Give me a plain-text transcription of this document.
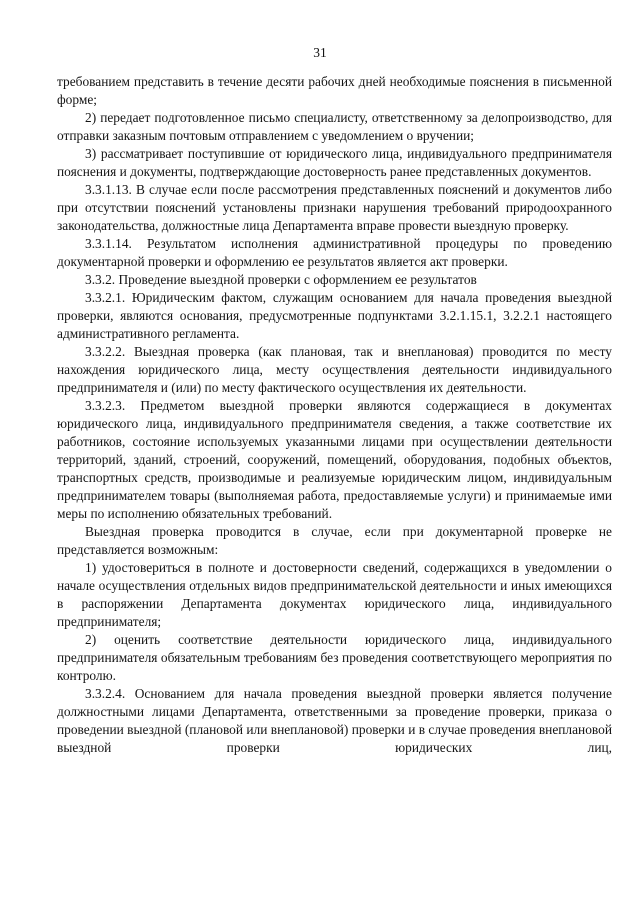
31

требованием представить в течение десяти рабочих дней необходимые пояснения в письменной форме;

2) передает подготовленное письмо специалисту, ответственному за делопроизводство, для отправки заказным почтовым отправлением с уведомлением о вручении;

3) рассматривает поступившие от юридического лица, индивидуального предпринимателя пояснения и документы, подтверждающие достоверность ранее представленных документов.

3.3.1.13. В случае если после рассмотрения представленных пояснений и документов либо при отсутствии пояснений установлены признаки нарушения требований природоохранного законодательства, должностные лица Департамента вправе провести выездную проверку.

3.3.1.14. Результатом исполнения административной процедуры по проведению документарной проверки и оформлению ее результатов является акт проверки.

3.3.2. Проведение выездной проверки с оформлением ее результатов

3.3.2.1. Юридическим фактом, служащим основанием для начала проведения выездной проверки, являются основания, предусмотренные подпунктами 3.2.1.15.1, 3.2.2.1 настоящего административного регламента.

3.3.2.2. Выездная проверка (как плановая, так и внеплановая) проводится по месту нахождения юридического лица, месту осуществления деятельности индивидуального предпринимателя и (или) по месту фактического осуществления их деятельности.

3.3.2.3. Предметом выездной проверки являются содержащиеся в документах юридического лица, индивидуального предпринимателя сведения, а также соответствие их работников, состояние используемых указанными лицами при осуществлении деятельности территорий, зданий, строений, сооружений, помещений, оборудования, подобных объектов, транспортных средств, производимые и реализуемые юридическим лицом, индивидуальным предпринимателем товары (выполняемая работа, предоставляемые услуги) и принимаемые ими меры по исполнению обязательных требований.

Выездная проверка проводится в случае, если при документарной проверке не представляется возможным:

1) удостовериться в полноте и достоверности сведений, содержащихся в уведомлении о начале осуществления отдельных видов предпринимательской деятельности и иных имеющихся в распоряжении Департамента документах юридического лица, индивидуального предпринимателя;

2) оценить соответствие деятельности юридического лица, индивидуального предпринимателя обязательным требованиям без проведения соответствующего мероприятия по контролю.

3.3.2.4. Основанием для начала проведения выездной проверки является получение должностными лицами Департамента, ответственными за проведение проверки, приказа о проведении выездной (плановой или внеплановой) проверки и в случае проведения внеплановой выездной проверки юридических лиц,
